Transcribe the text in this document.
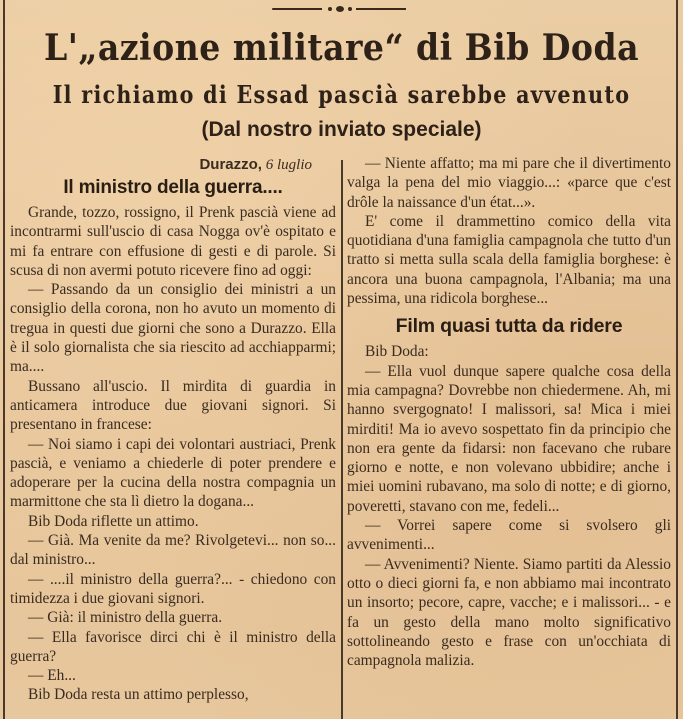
L'„azione militare“ di Bib Doda
Il richiamo di Essad pascià sarebbe avvenuto
(Dal nostro inviato speciale)
Durazzo, 6 luglio
Il ministro della guerra....

Grande, tozzo, rossigno, il Prenk pascià viene ad incontrarmi sull'uscio di casa Nogga ov'è ospitato e mi fa entrare con effusione di gesti e di parole. Si scusa di non avermi potuto ricevere fino ad oggi:

— Passando da un consiglio dei ministri a un consiglio della corona, non ho avuto un momento di tregua in questi due giorni che sono a Durazzo. Ella è il solo giornalista che sia riescito ad acchiapparmi; ma....

Bussano all'uscio. Il mirdita di guardia in anticamera introduce due giovani signori. Si presentano in francese:

— Noi siamo i capi dei volontari austriaci, Prenk pascià, e veniamo a chiederle di poter prendere e adoperare per la cucina della nostra compagnia un marmittone che sta lì dietro la dogana...

Bib Doda riflette un attimo.

— Già. Ma venite da me? Rivolgetevi... non so... dal ministro...

— ....il ministro della guerra?... - chiedono con timidezza i due giovani signori.

— Già: il ministro della guerra.

— Ella favorisce dirci chi è il ministro della guerra?

— Eh...

Bib Doda resta un attimo perplesso,

— Niente affatto; ma mi pare che il divertimento valga la pena del mio viaggio...: «parce que c'est drôle la naissance d'un état...».

E' come il drammettino comico della vita quotidiana d'una famiglia campagnola che tutto d'un tratto si metta sulla scala della famiglia borghese: è ancora una buona campagnola, l'Albania; ma una pessima, una ridicola borghese...

Film quasi tutta da ridere

Bib Doda:

— Ella vuol dunque sapere qualche cosa della mia campagna? Dovrebbe non chiedermene. Ah, mi hanno svergognato! I malissori, sa! Mica i miei mirditi! Ma io avevo sospettato fin da principio che non era gente da fidarsi: non facevano che rubare giorno e notte, e non volevano ubbidire; anche i miei uomini rubavano, ma solo di notte; e di giorno, poveretti, stavano con me, fedeli...

— Vorrei sapere come si svolsero gli avvenimenti...

— Avvenimenti? Niente. Siamo partiti da Alessio otto o dieci giorni fa, e non abbiamo mai incontrato un insorto; pecore, capre, vacche; e i malissori... - e fa un gesto della mano molto significativo sottolineando gesto e frase con un'occhiata di campagnola malizia.
